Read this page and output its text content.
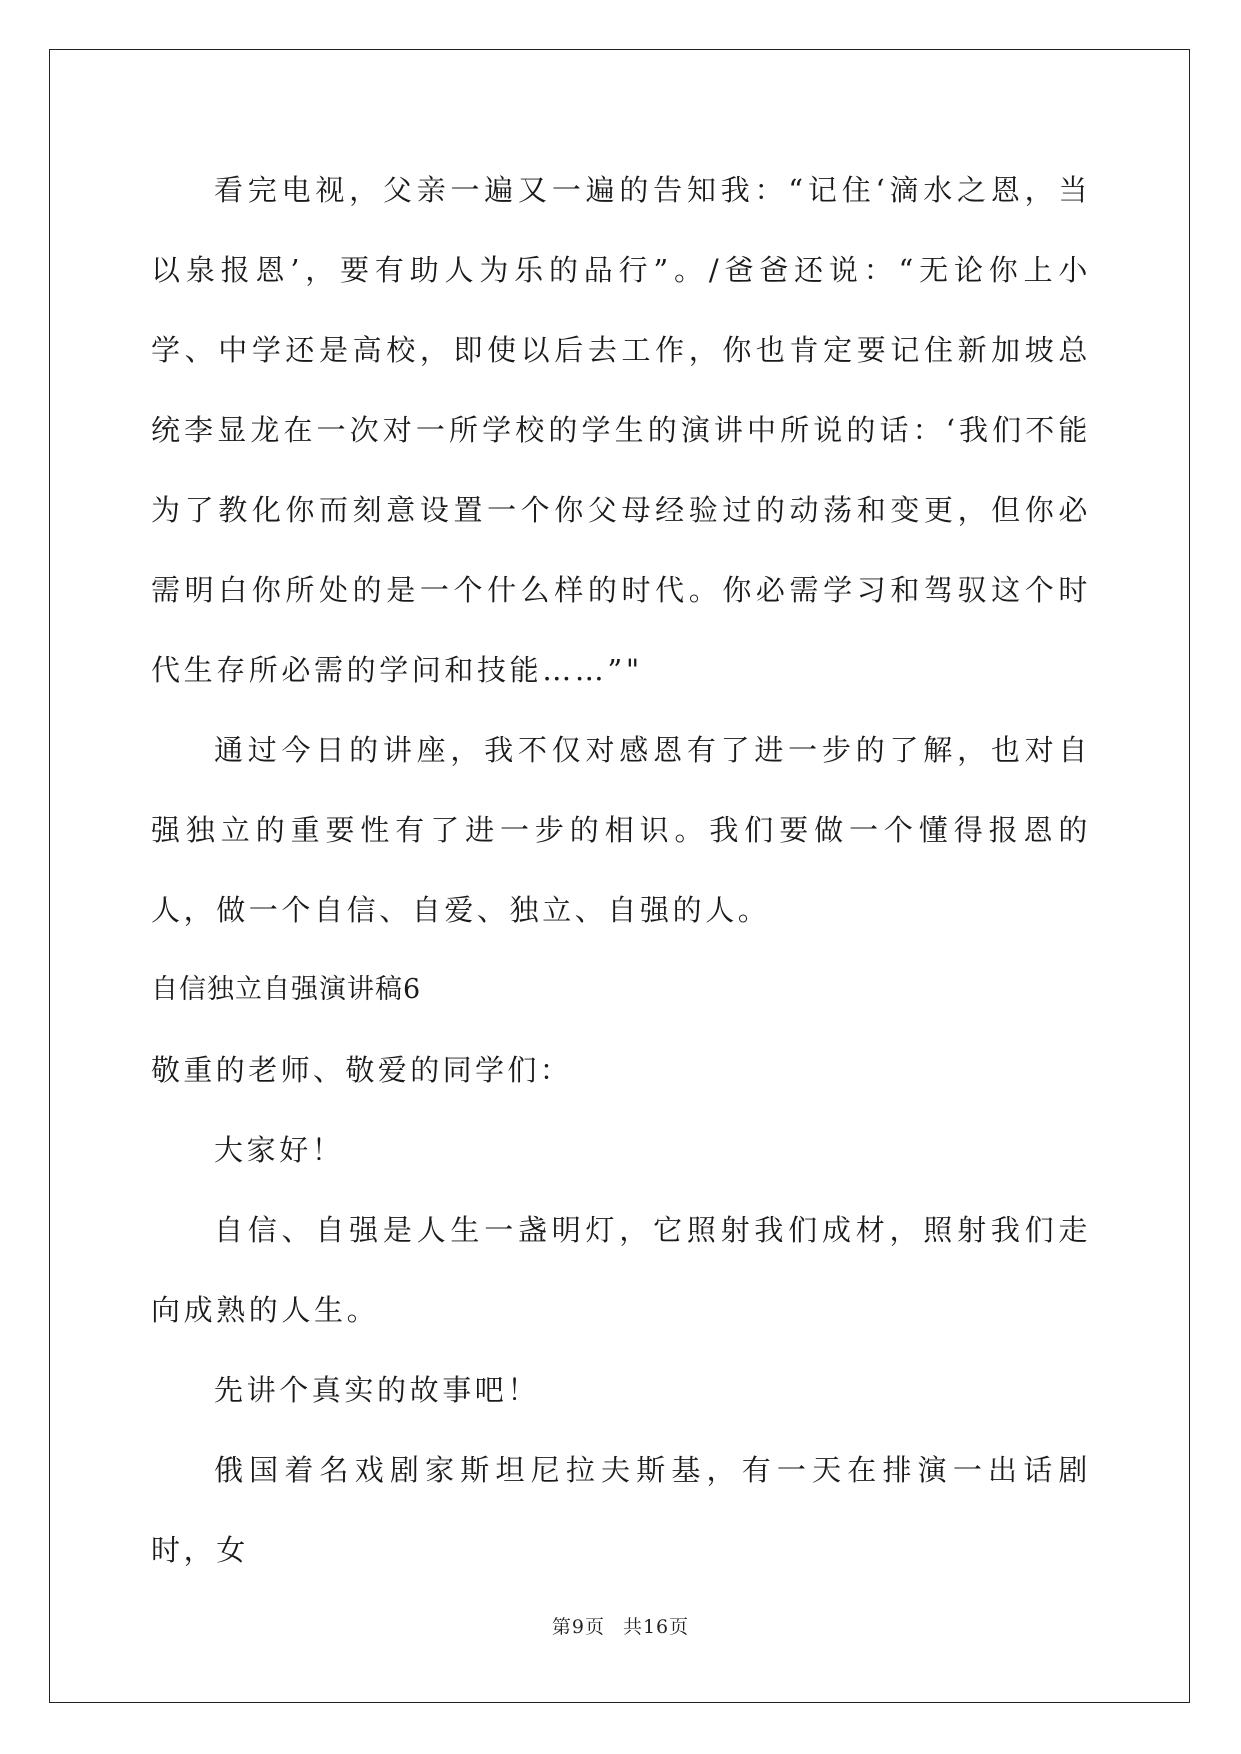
看完电视，父亲一遍又一遍的告知我：“记住‘滴水之恩，当以泉报恩’，要有助人为乐的品行”。/爸爸还说：“无论你上小学、中学还是高校，即使以后去工作，你也肯定要记住新加坡总统李显龙在一次对一所学校的学生的演讲中所说的话：‘我们不能为了教化你而刻意设置一个你父母经验过的动荡和变更，但你必需明白你所处的是一个什么样的时代。你必需学习和驾驭这个时代生存所必需的学问和技能……”"

通过今日的讲座，我不仅对感恩有了进一步的了解，也对自强独立的重要性有了进一步的相识。我们要做一个懂得报恩的人，做一个自信、自爱、独立、自强的人。

自信独立自强演讲稿6

敬重的老师、敬爱的同学们：

大家好！

自信、自强是人生一盏明灯，它照射我们成材，照射我们走向成熟的人生。

先讲个真实的故事吧！

俄国着名戏剧家斯坦尼拉夫斯基，有一天在排演一出话剧时，女

第9页 共16页
